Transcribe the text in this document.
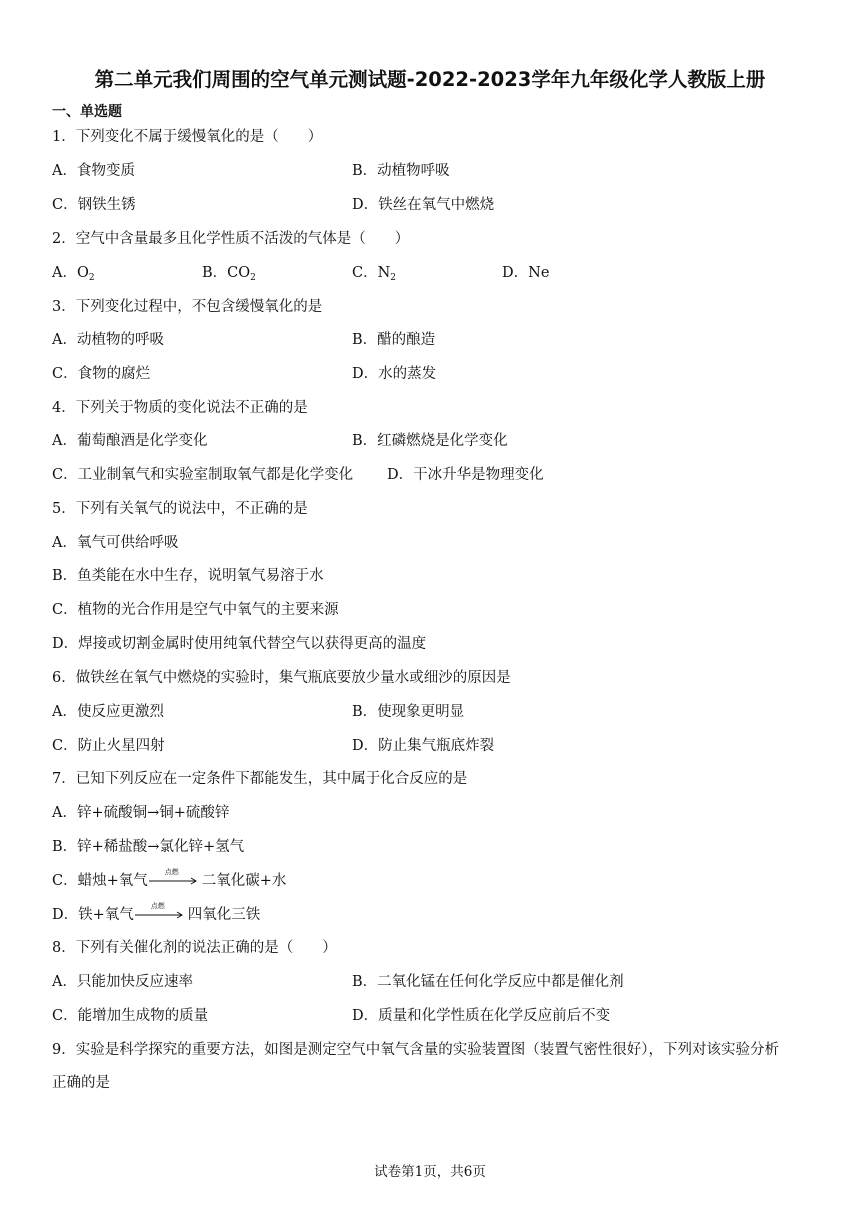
第二单元我们周围的空气单元测试题-2022-2023学年九年级化学人教版上册
一、单选题
1．下列变化不属于缓慢氧化的是（　　）
A．食物变质	B．动植物呼吸
C．钢铁生锈	D．铁丝在氧气中燃烧
2．空气中含量最多且化学性质不活泼的气体是（　　）
A．$O_2$	B．$CO_2$	C．$N_2$	D．Ne
3．下列变化过程中，不包含缓慢氧化的是
A．动植物的呼吸	B．醋的酿造
C．食物的腐烂	D．水的蒸发
4．下列关于物质的变化说法不正确的是
A．葡萄酿酒是化学变化	B．红磷燃烧是化学变化
C．工业制氧气和实验室制取氧气都是化学变化 D．干冰升华是物理变化
5．下列有关氧气的说法中，不正确的是
A．氧气可供给呼吸
B．鱼类能在水中生存，说明氧气易溶于水
C．植物的光合作用是空气中氧气的主要来源
D．焊接或切割金属时使用纯氧代替空气以获得更高的温度
6．做铁丝在氧气中燃烧的实验时，集气瓶底要放少量水或细沙的原因是
A．使反应更激烈	B．使现象更明显
C．防止火星四射	D．防止集气瓶底炸裂
7．已知下列反应在一定条件下都能发生，其中属于化合反应的是
A．锌+硫酸铜→铜+硫酸锌
B．锌+稀盐酸→氯化锌+氢气
C．蜡烛+氧气
点燃
二氧化碳+水
D．铁+氧气
点燃
四氧化三铁
8．下列有关催化剂的说法正确的是（　　）
A．只能加快反应速率	B．二氧化锰在任何化学反应中都是催化剂
C．能增加生成物的质量	D．质量和化学性质在化学反应前后不变
9．实验是科学探究的重要方法，如图是测定空气中氧气含量的实验装置图（装置气密性很好），下列对该实验分析
正确的是
试卷第1页，共6页
